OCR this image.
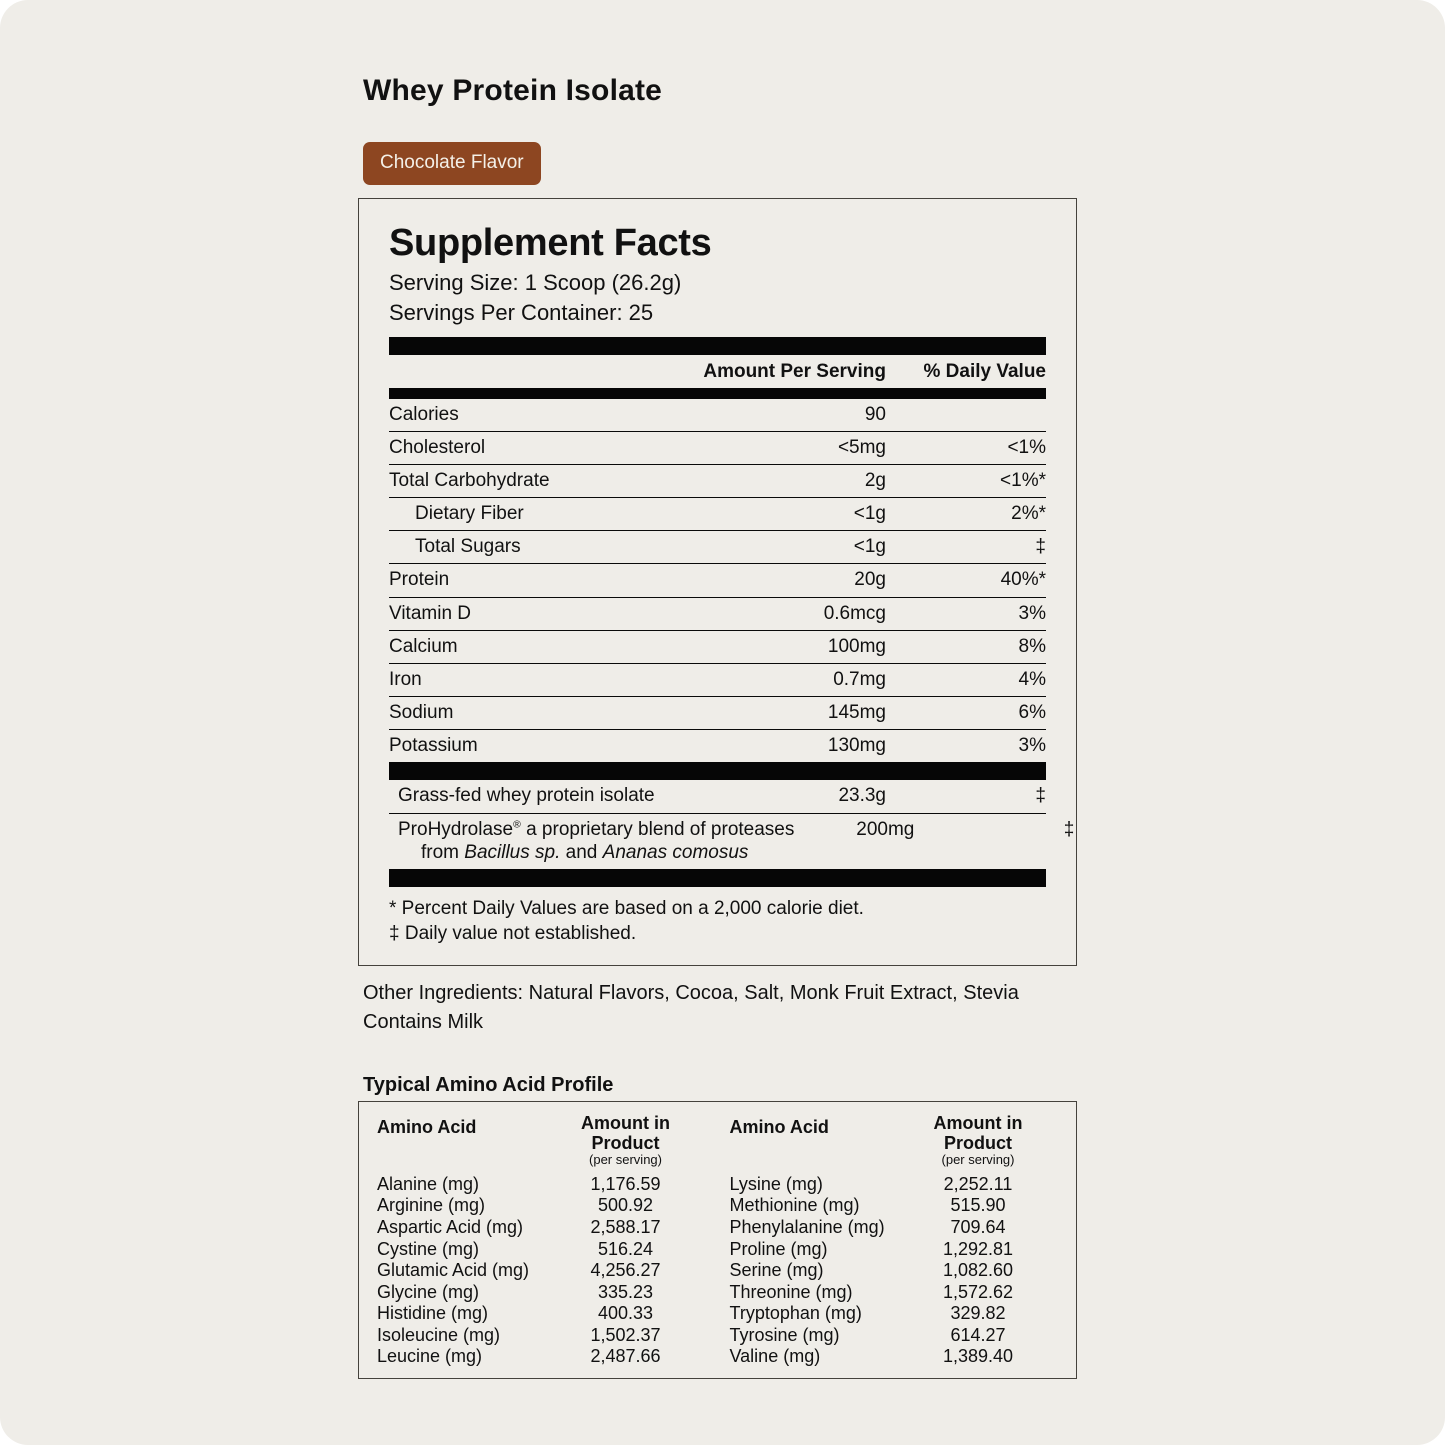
Whey Protein Isolate
Chocolate Flavor
Supplement Facts
Serving Size: 1 Scoop (26.2g)
Servings Per Container: 25
Amount Per Serving	% Daily Value
Calories	90
Cholesterol	<5mg	<1%
Total Carbohydrate	2g	<1%*
Dietary Fiber	<1g	2%*
Total Sugars	<1g	‡
Protein	20g	40%*
Vitamin D	0.6mcg	3%
Calcium	100mg	8%
Iron	0.7mg	4%
Sodium	145mg	6%
Potassium	130mg	3%
Grass-fed whey protein isolate	23.3g	‡
ProHydrolase® a proprietary blend of proteases
from Bacillus sp. and Ananas comosus
200mg	‡
* Percent Daily Values are based on a 2,000 calorie diet.
‡ Daily value not established.
Other Ingredients: Natural Flavors, Cocoa, Salt, Monk Fruit Extract, Stevia
Contains Milk
Typical Amino Acid Profile
Amino Acid	Amount in Product
(per serving)
Alanine (mg)	1,176.59
Arginine (mg)	500.92
Aspartic Acid (mg)	2,588.17
Cystine (mg)	516.24
Glutamic Acid (mg)	4,256.27
Glycine (mg)	335.23
Histidine (mg)	400.33
Isoleucine (mg)	1,502.37
Leucine (mg)	2,487.66
Amino Acid	Amount in Product
(per serving)
Lysine (mg)	2,252.11
Methionine (mg)	515.90
Phenylalanine (mg)	709.64
Proline (mg)	1,292.81
Serine (mg)	1,082.60
Threonine (mg)	1,572.62
Tryptophan (mg)	329.82
Tyrosine (mg)	614.27
Valine (mg)	1,389.40
